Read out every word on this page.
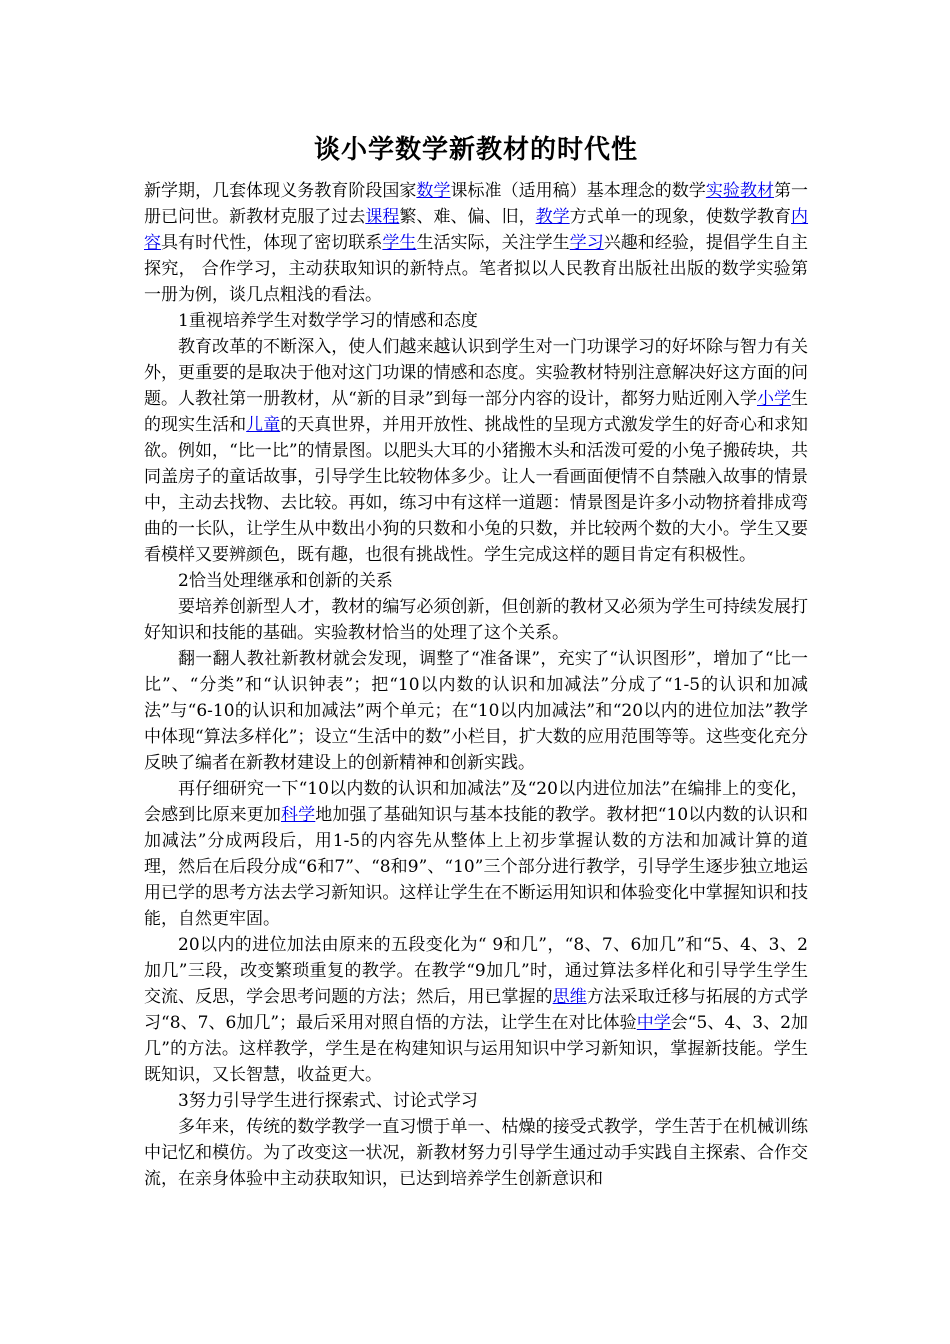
谈小学数学新教材的时代性

新学期，几套体现义务教育阶段国家数学课标准（适用稿）基本理念的数学实验教材第一册已问世。新教材克服了过去课程繁、难、偏、旧，教学方式单一的现象，使数学教育内容具有时代性，体现了密切联系学生生活实际，关注学生学习兴趣和经验，提倡学生自主探究， 合作学习，主动获取知识的新特点。笔者拟以人民教育出版社出版的数学实验第一册为例，谈几点粗浅的看法。

1重视培养学生对数学学习的情感和态度

教育改革的不断深入，使人们越来越认识到学生对一门功课学习的好坏除与智力有关外，更重要的是取决于他对这门功课的情感和态度。实验教材特别注意解决好这方面的问题。人教社第一册教材，从“新的目录”到每一部分内容的设计，都努力贴近刚入学小学生的现实生活和儿童的天真世界，并用开放性、挑战性的呈现方式激发学生的好奇心和求知欲。例如，“比一比”的情景图。以肥头大耳的小猪搬木头和活泼可爱的小兔子搬砖块，共同盖房子的童话故事，引导学生比较物体多少。让人一看画面便情不自禁融入故事的情景中，主动去找物、去比较。再如，练习中有这样一道题：情景图是许多小动物挤着排成弯曲的一长队，让学生从中数出小狗的只数和小兔的只数，并比较两个数的大小。学生又要看模样又要辨颜色，既有趣，也很有挑战性。学生完成这样的题目肯定有积极性。

2恰当处理继承和创新的关系

要培养创新型人才，教材的编写必须创新，但创新的教材又必须为学生可持续发展打好知识和技能的基础。实验教材恰当的处理了这个关系。

翻一翻人教社新教材就会发现，调整了“准备课”，充实了“认识图形”，增加了“比一比”、“分类”和“认识钟表”；把“10以内数的认识和加减法”分成了“1-5的认识和加减法”与“6-10的认识和加减法”两个单元；在“10以内加减法”和“20以内的进位加法”教学中体现“算法多样化”；设立“生活中的数”小栏目，扩大数的应用范围等等。这些变化充分反映了编者在新教材建设上的创新精神和创新实践。

再仔细研究一下“10以内数的认识和加减法”及“20以内进位加法”在编排上的变化，会感到比原来更加科学地加强了基础知识与基本技能的教学。教材把“10以内数的认识和加减法”分成两段后，用1-5的内容先从整体上上初步掌握认数的方法和加减计算的道理，然后在后段分成“6和7”、“8和9”、“10”三个部分进行教学，引导学生逐步独立地运用已学的思考方法去学习新知识。这样让学生在不断运用知识和体验变化中掌握知识和技能，自然更牢固。

20以内的进位加法由原来的五段变化为“ 9和几”，“8、7、6加几”和“5、4、3、2加几”三段，改变繁琐重复的教学。在教学“9加几”时，通过算法多样化和引导学生学生交流、反思，学会思考问题的方法；然后，用已掌握的思维方法采取迁移与拓展的方式学习“8、7、6加几”；最后采用对照自悟的方法，让学生在对比体验中学会“5、4、3、2加几”的方法。这样教学，学生是在构建知识与运用知识中学习新知识，掌握新技能。学生既知识，又长智慧，收益更大。

3努力引导学生进行探索式、讨论式学习

多年来，传统的数学教学一直习惯于单一、枯燥的接受式教学，学生苦于在机械训练中记忆和模仿。为了改变这一状况，新教材努力引导学生通过动手实践自主探索、合作交流，在亲身体验中主动获取知识，已达到培养学生创新意识和
